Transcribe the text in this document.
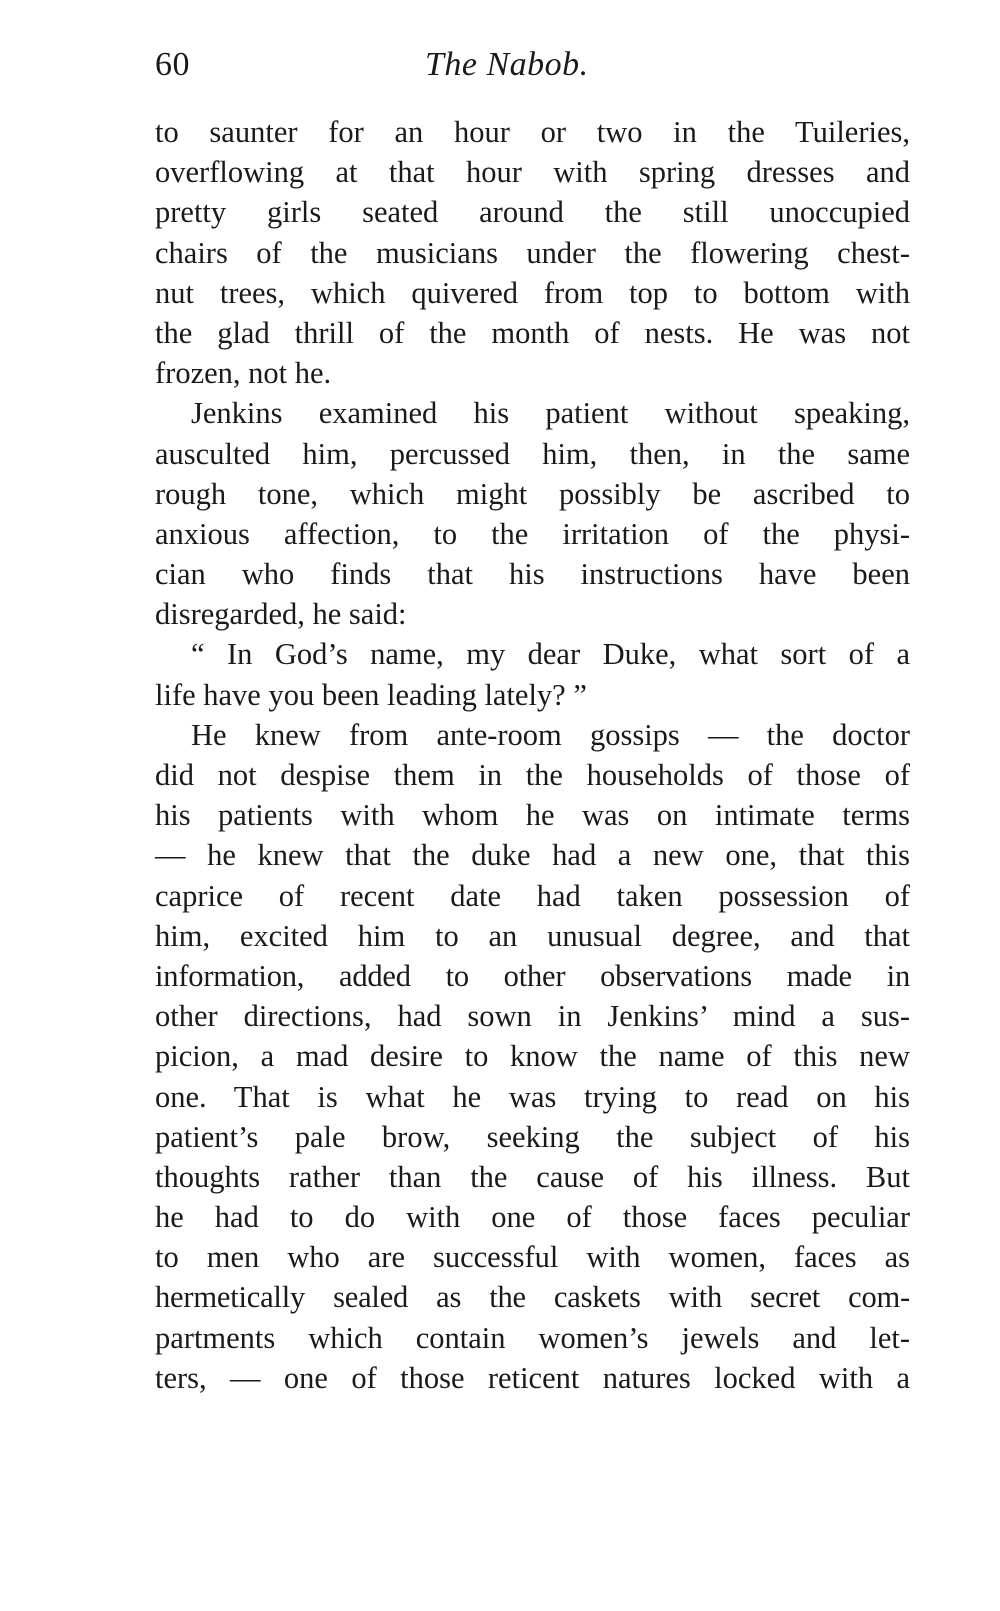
60	The Nabob.
to saunter for an hour or two in the Tuileries,
overflowing at that hour with spring dresses and
pretty girls seated around the still unoccupied
chairs of the musicians under the flowering chest-
nut trees, which quivered from top to bottom with
the glad thrill of the month of nests. He was not
frozen, not he.
Jenkins examined his patient without speaking,
ausculted him, percussed him, then, in the same
rough tone, which might possibly be ascribed to
anxious affection, to the irritation of the physi-
cian who finds that his instructions have been
disregarded, he said:
“ In God’s name, my dear Duke, what sort of a
life have you been leading lately? ”
He knew from ante-room gossips — the doctor
did not despise them in the households of those of
his patients with whom he was on intimate terms
— he knew that the duke had a new one, that this
caprice of recent date had taken possession of
him, excited him to an unusual degree, and that
information, added to other observations made in
other directions, had sown in Jenkins’ mind a sus-
picion, a mad desire to know the name of this new
one. That is what he was trying to read on his
patient’s pale brow, seeking the subject of his
thoughts rather than the cause of his illness. But
he had to do with one of those faces peculiar
to men who are successful with women, faces as
hermetically sealed as the caskets with secret com-
partments which contain women’s jewels and let-
ters, — one of those reticent natures locked with a
